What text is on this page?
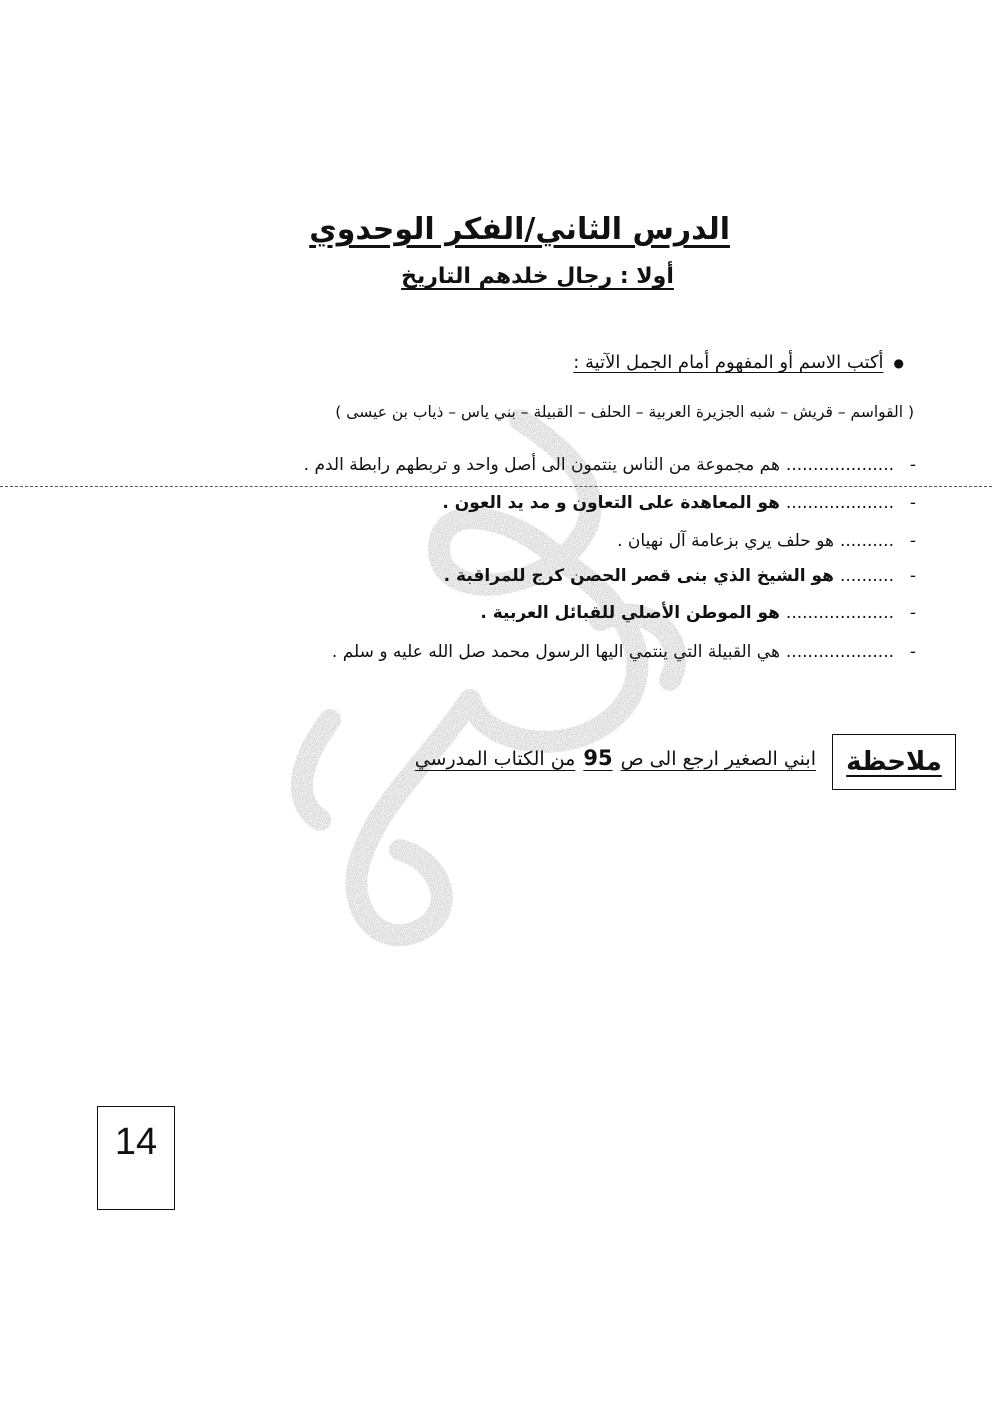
الدرس الثاني/الفكر الوحدوي
أولا : رجال خلدهم التاريخ
●أكتب الاسم أو المفهوم أمام الجمل الآتية :
( القواسم – قريش – شبه الجزيرة العربية – الحلف – القبيلة – بني ياس – ذياب بن عيسى )
-....................هم مجموعة من الناس ينتمون الى أصل واحد و تربطهم رابطة الدم .
-....................هو المعاهدة على التعاون و مد يد العون .
-..........هو حلف يري بزعامة آل نهيان .
-..........هو الشيخ الذي بنى قصر الحصن كرج للمراقبة .
-....................هو الموطن الأصلي للقبائل العربية .
-....................هي القبيلة التي ينتمي اليها الرسول محمد صل الله عليه و سلم .
ملاحظة
ابني الصغير ارجع الى ص95من الكتاب المدرسي
14
